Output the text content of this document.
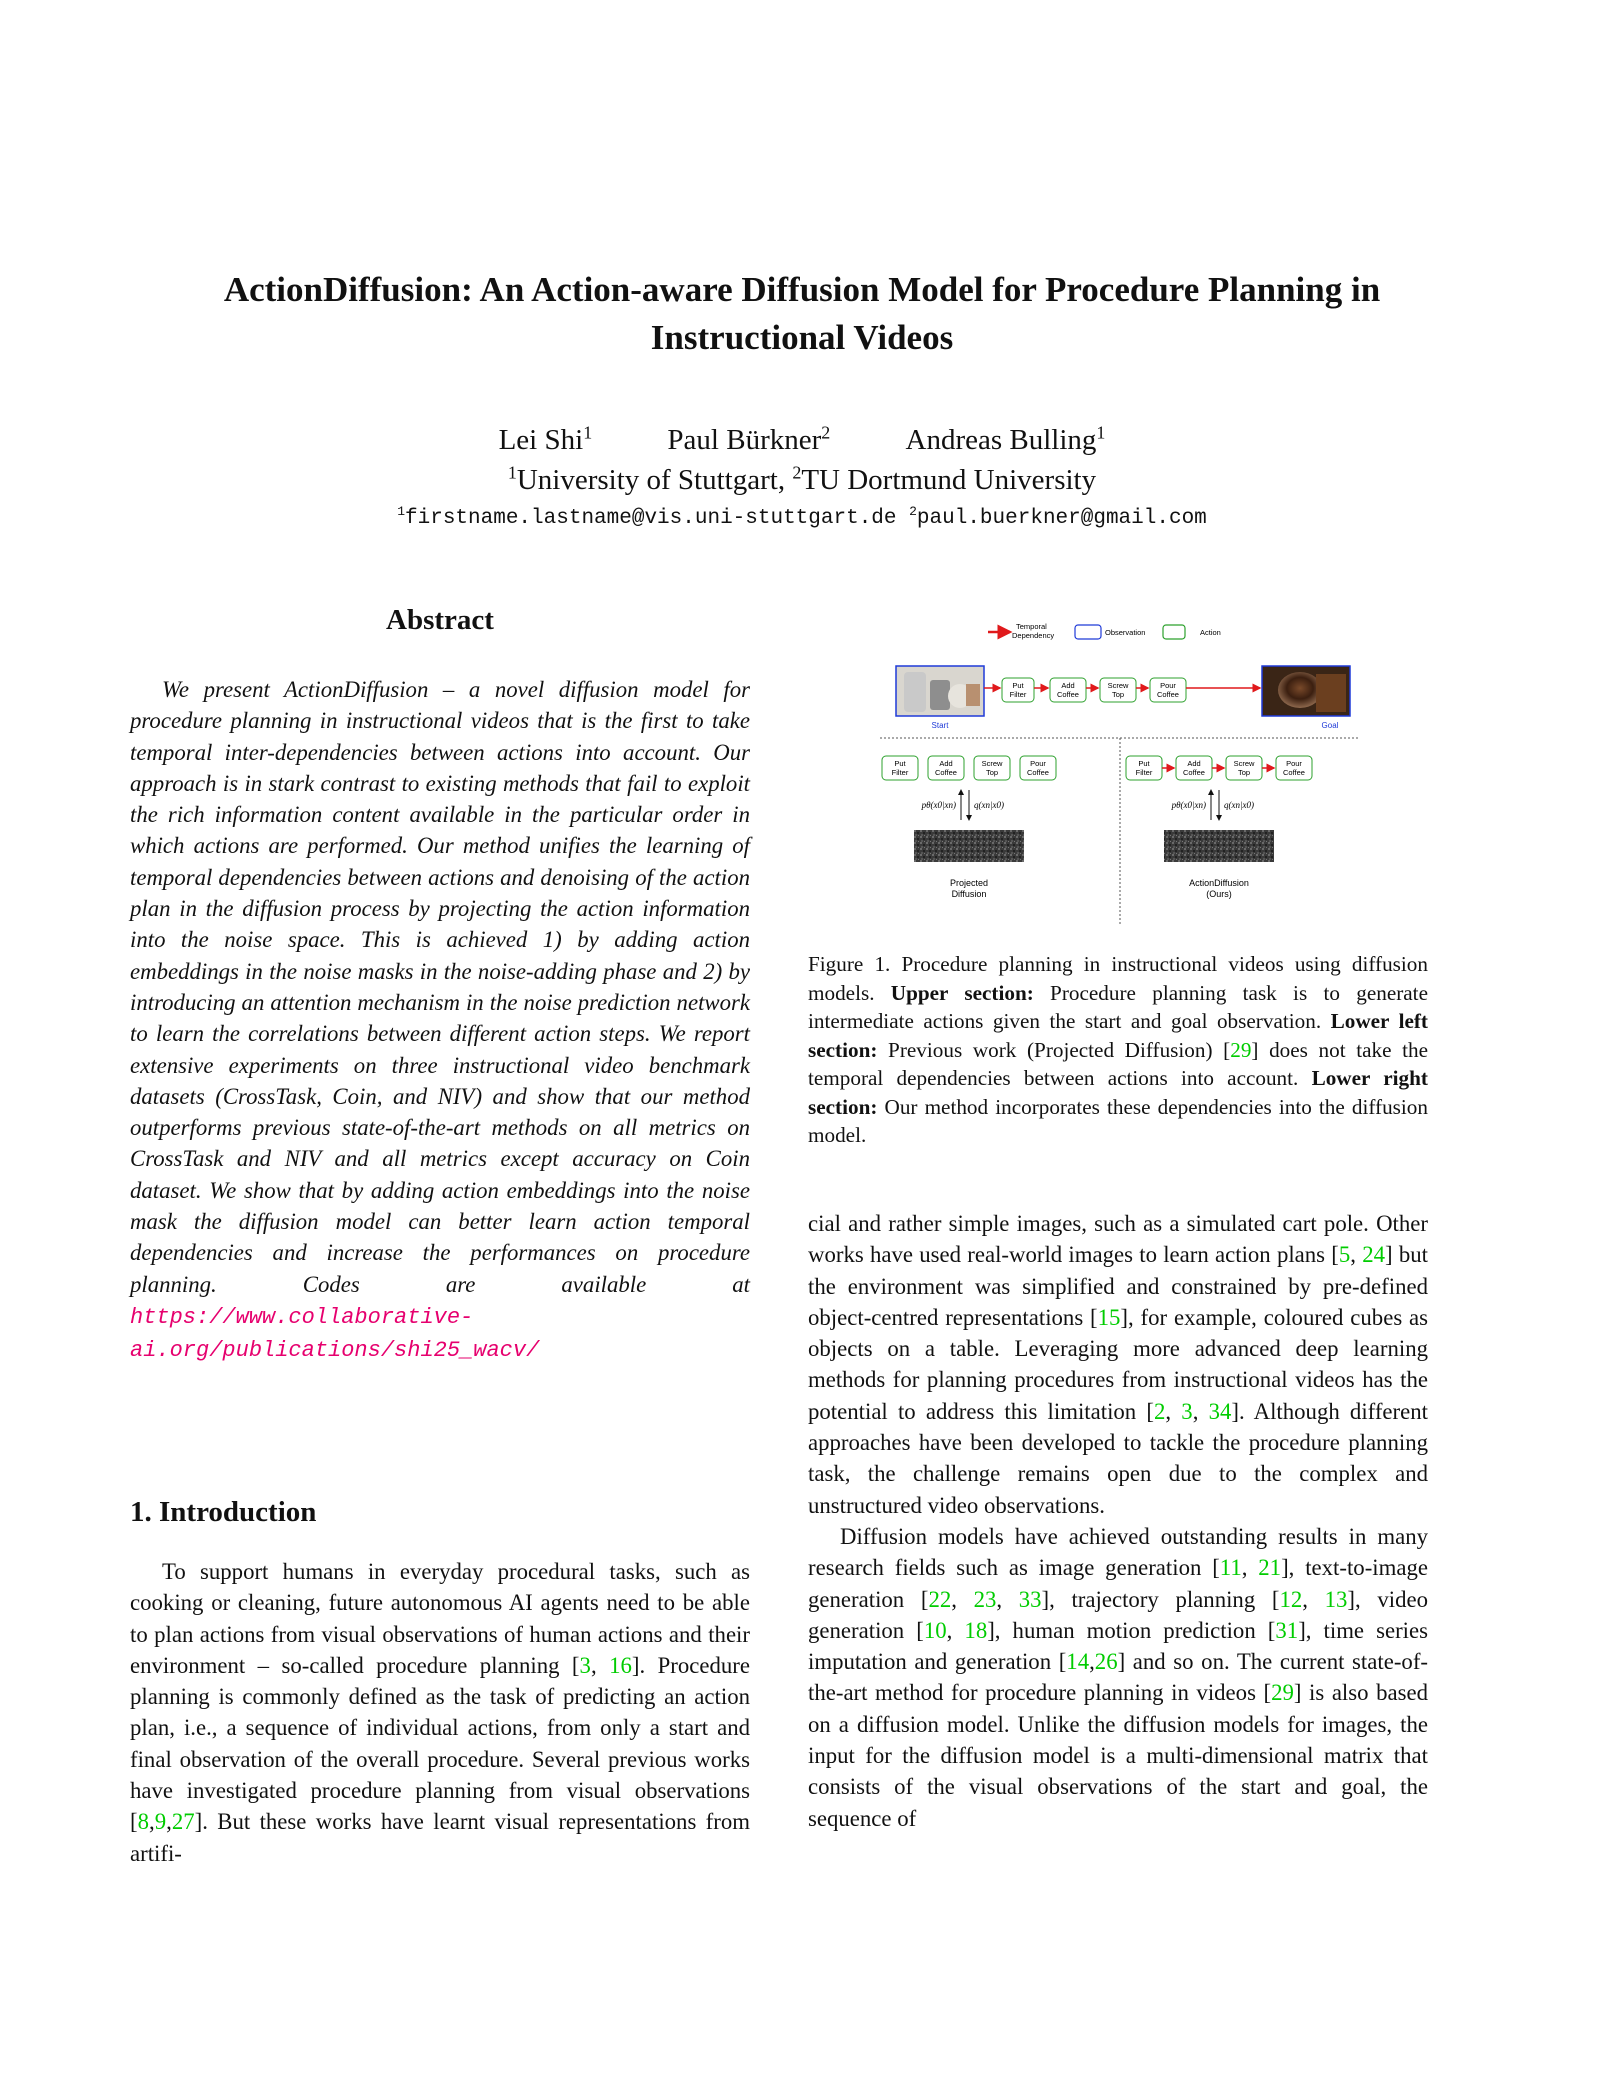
ActionDiffusion: An Action-aware Diffusion Model for Procedure Planning in Instructional Videos
Lei Shi$^1$	Paul Bürkner$^2$	Andreas Bulling$^1$
$^1$University of Stuttgart, $^2$TU Dortmund University
$^1$firstname.lastname@vis.uni-stuttgart.de $^2$paul.buerkner@gmail.com
Abstract

We present ActionDiffusion – a novel diffusion model for procedure planning in instructional videos that is the first to take temporal inter-dependencies between actions into account. Our approach is in stark contrast to existing methods that fail to exploit the rich information content available in the particular order in which actions are performed. Our method unifies the learning of temporal dependencies between actions and denoising of the action plan in the diffusion process by projecting the action information into the noise space. This is achieved 1) by adding action embeddings in the noise masks in the noise-adding phase and 2) by introducing an attention mechanism in the noise prediction network to learn the correlations between different action steps. We report extensive experiments on three instructional video benchmark datasets (CrossTask, Coin, and NIV) and show that our method outperforms previous state-of-the-art methods on all metrics on CrossTask and NIV and all metrics except accuracy on Coin dataset. We show that by adding action embeddings into the noise mask the diffusion model can better learn action temporal dependencies and increase the performances on procedure planning. Codes are available at https://www.collaborative-ai.org/publications/shi25_wacv/

1. Introduction

To support humans in everyday procedural tasks, such as cooking or cleaning, future autonomous AI agents need to be able to plan actions from visual observations of human actions and their environment – so-called procedure planning [3, 16]. Procedure planning is commonly defined as the task of predicting an action plan, i.e., a sequence of individual actions, from only a start and final observation of the overall procedure. Several previous works have investigated procedure planning from visual observations [8,9,27]. But these works have learnt visual representations from artifi-

Temporal
Dependency	Observation	Action
Start	Goal
Put
Filter
Add
Coffee
Screw
Top
Pour
Coffee
Put
Filter
Add
Coffee
Screw
Top
Pour
Coffee
pθ(x0|xn) q(xn|x0)
Projected
Diffusion
Put
Filter
Add
Coffee
Screw
Top
Pour
Coffee
pθ(x0|xn) q(xn|x0)
ActionDiffusion
(Ours)

Figure 1. Procedure planning in instructional videos using diffusion models. Upper section: Procedure planning task is to generate intermediate actions given the start and goal observation. Lower left section: Previous work (Projected Diffusion) [29] does not take the temporal dependencies between actions into account. Lower right section: Our method incorporates these dependencies into the diffusion model.

cial and rather simple images, such as a simulated cart pole. Other works have used real-world images to learn action plans [5, 24] but the environment was simplified and constrained by pre-defined object-centred representations [15], for example, coloured cubes as objects on a table. Leveraging more advanced deep learning methods for planning procedures from instructional videos has the potential to address this limitation [2, 3, 34]. Although different approaches have been developed to tackle the procedure planning task, the challenge remains open due to the complex and unstructured video observations.

Diffusion models have achieved outstanding results in many research fields such as image generation [11, 21], text-to-image generation [22, 23, 33], trajectory planning [12, 13], video generation [10, 18], human motion prediction [31], time series imputation and generation [14,26] and so on. The current state-of-the-art method for procedure planning in videos [29] is also based on a diffusion model. Unlike the diffusion models for images, the input for the diffusion model is a multi-dimensional matrix that consists of the visual observations of the start and goal, the sequence of
